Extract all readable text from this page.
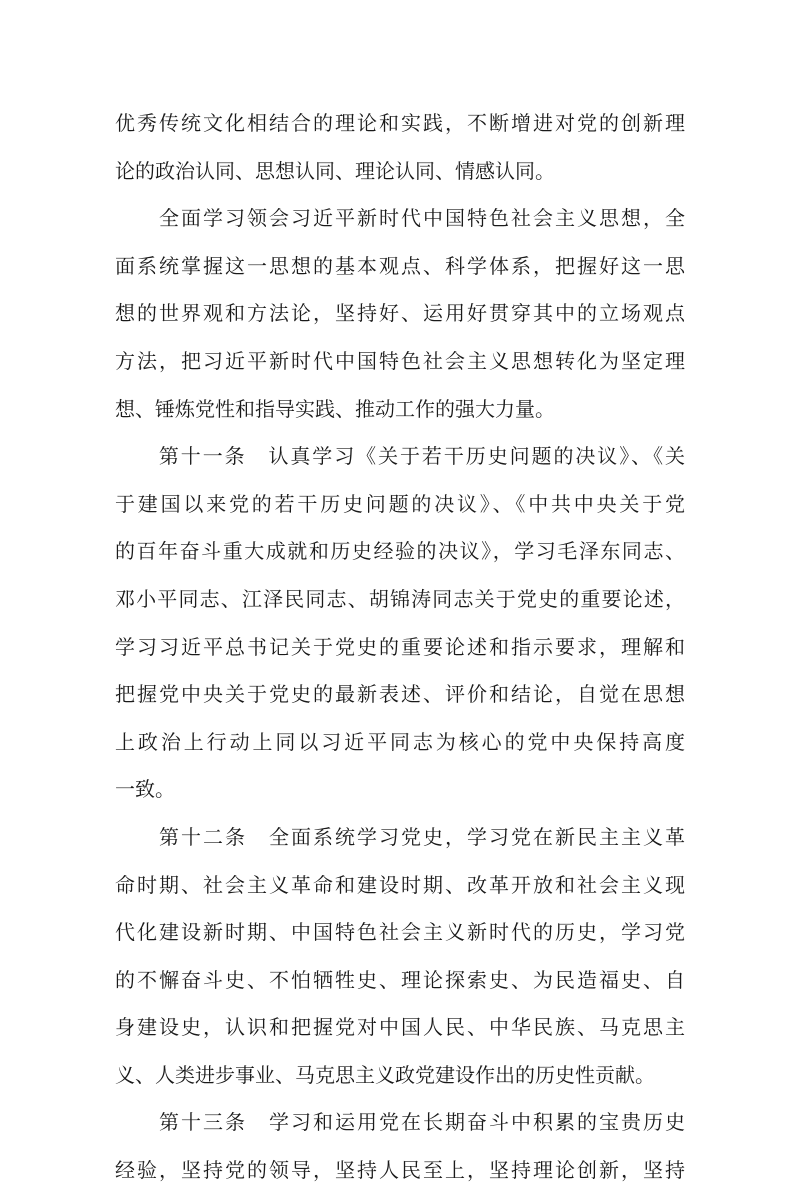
优秀传统文化相结合的理论和实践，不断增进对党的创新理
论的政治认同、思想认同、理论认同、情感认同。
　　全面学习领会习近平新时代中国特色社会主义思想，全
面系统掌握这一思想的基本观点、科学体系，把握好这一思
想的世界观和方法论，坚持好、运用好贯穿其中的立场观点
方法，把习近平新时代中国特色社会主义思想转化为坚定理
想、锤炼党性和指导实践、推动工作的强大力量。
　　第十一条　认真学习《关于若干历史问题的决议》、《关
于建国以来党的若干历史问题的决议》、《中共中央关于党
的百年奋斗重大成就和历史经验的决议》，学习毛泽东同志、
邓小平同志、江泽民同志、胡锦涛同志关于党史的重要论述，
学习习近平总书记关于党史的重要论述和指示要求，理解和
把握党中央关于党史的最新表述、评价和结论，自觉在思想
上政治上行动上同以习近平同志为核心的党中央保持高度
一致。
　　第十二条　全面系统学习党史，学习党在新民主主义革
命时期、社会主义革命和建设时期、改革开放和社会主义现
代化建设新时期、中国特色社会主义新时代的历史，学习党
的不懈奋斗史、不怕牺牲史、理论探索史、为民造福史、自
身建设史，认识和把握党对中国人民、中华民族、马克思主
义、人类进步事业、马克思主义政党建设作出的历史性贡献。
　　第十三条　学习和运用党在长期奋斗中积累的宝贵历史
经验，坚持党的领导，坚持人民至上，坚持理论创新，坚持
